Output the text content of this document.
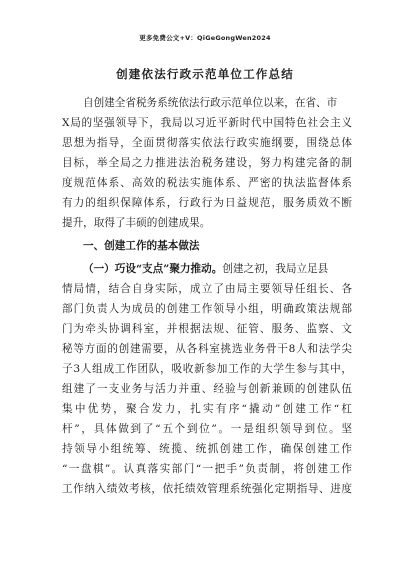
更多免费公文+V：QiGeGongWen2024
创建依法行政示范单位工作总结
自创建全省税务系统依法行政示范单位以来，在省、市
X局的坚强领导下，我局以习近平新时代中国特色社会主义
思想为指导，全面贯彻落实依法行政实施纲要，围绕总体
目标，举全局之力推进法治税务建设，努力构建完备的制
度规范体系、高效的税法实施体系、严密的执法监督体系
有力的组织保障体系，行政行为日益规范，服务质效不断
提升，取得了丰硕的创建成果。
一、创建工作的基本做法
（一）巧设“支点”聚力推动。创建之初，我局立足县
情局情，结合自身实际，成立了由局主要领导任组长、各
部门负责人为成员的创建工作领导小组，明确政策法规部
门为牵头协调科室，并根据法规、征管、服务、监察、文
秘等方面的创建需要，从各科室挑选业务骨干8人和法学尖
子3人组成工作团队，吸收新参加工作的大学生参与其中，
组建了一支业务与活力并重、经验与创新兼顾的创建队伍
集中优势，聚合发力，扎实有序“撬动”创建工作“杠
杆”，具体做到了“五个到位”。一是组织领导到位。坚
持领导小组统筹、统揽、统抓创建工作，确保创建工作
“一盘棋”。认真落实部门“一把手”负责制，将创建工作
工作纳入绩效考核，依托绩效管理系统强化定期指导、进度
